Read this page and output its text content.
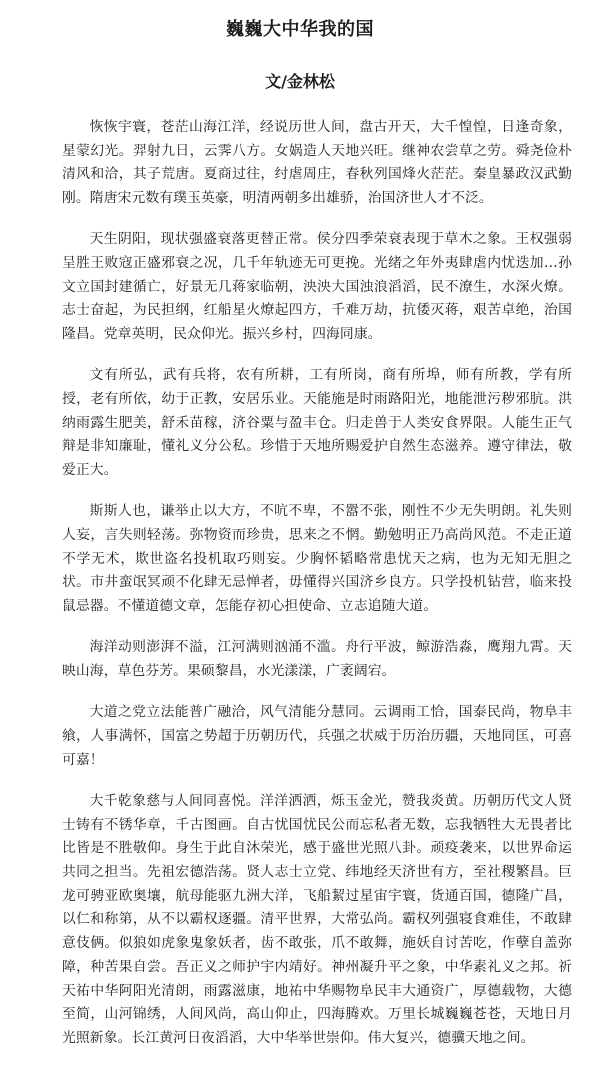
巍巍大中华我的国
文/金林松

恢恢宇寰，苍茫山海江洋，经说历世人间，盘古开天，大千惶惶，日逢奇象，星蒙幻光。羿射九日，云霁八方。女娲造人天地兴旺。继神农尝草之劳。舜尧俭朴清风和洽，其子荒唐。夏商过往，纣虐周庄，春秋列国烽火茫茫。秦皇暴政汉武勤刚。隋唐宋元数有璞玉英豪，明清两朝多出雄骄，治国济世人才不泛。

天生阴阳，现状强盛衰落更替正常。侯分四季荣衰表现于草木之象。王权强弱呈胜王败寇正盛邪衰之况，几千年轨迹无可更挽。光绪之年外夷肆虐内忧迭加…孙文立国封建循亡，好景无几蒋家临朝，泱泱大国浊浪滔滔，民不潦生，水深火燎。志士奋起，为民担纲，红船星火燎起四方，千难万劫，抗倭灭蒋，艰苦卓绝，治国隆昌。党章英明，民众仰光。振兴乡村，四海同康。

文有所弘，武有兵将，农有所耕，工有所岗，商有所埠，师有所教，学有所授，老有所依，幼于正教，安居乐业。天能施是时雨路阳光，地能泄污秽邪肮。洪纳雨露生肥美，舒禾苗稼，济谷粟与盈丰仓。归走兽于人类安食界限。人能生正气辩是非知廉耻，懂礼义分公私。珍惜于天地所赐爱护自然生态滋养。遵守律法，敬爱正大。

斯斯人也，谦举止以大方，不吭不卑，不嚣不张，刚性不少无失明朗。礼失则人妄，言失则轻荡。弥物资而珍贵，思来之不惘。勤勉明正乃高尚风范。不走正道不学无术，欺世盗名投机取巧则妄。少胸怀韬略常患忧天之病，也为无知无胆之状。市井蛮氓冥顽不化肆无忌惮者，毋懂得兴国济乡良方。只学投机钻营，临来投鼠忌器。不懂道德文章，怎能存初心担使命、立志追随大道。

海洋动则澎湃不溢，江河满则汹涌不滥。舟行平波，鲸游浩淼，鹰翔九霄。天映山海，草色芬芳。果硕黎昌，水光漾漾，广袤阔宕。

大道之党立法能普广融洽，风气清能分慧同。云调雨工恰，国泰民尚，物阜丰飨，人事满怀，国富之势超于历朝历代，兵强之状威于历治历疆，天地同匡，可喜可嘉！

大千乾象慈与人间同喜悦。洋洋洒洒，烁玉金光，赞我炎黄。历朝历代文人贤士铸有不锈华章，千古图画。自古忧国忧民公而忘私者无数，忘我牺牲大无畏者比比皆是不胜敬仰。身生于此自沐荣光，感于盛世光照八卦。顽疫袭来，以世界命运共同之担当。先祖宏德浩荡。贤人志士立党、纬地经天济世有方，至社稷繁昌。巨龙可骋亚欧奥壤，航母能驱九洲大洋，飞船絜过星宙宇寰，货通百国，德隆广昌，以仁和称第，从不以霸权逐疆。清平世界，大常弘尚。霸权列强寝食难佳，不敢肆意伎俩。似狼如虎象鬼象妖者，齿不敢张，爪不敢舞，施妖自讨苦吃，作孽自盖弥障，种苦果自尝。吾正义之师护宇内靖好。神州凝升平之象，中华素礼义之邦。祈天祐中华阿阳光清朗，雨露滋康，地祐中华赐物阜民丰大通资广，厚德载物，大德至简，山河锦绣，人间风尚，高山仰止，四海腾欢。万里长城巍巍苍苍，天地日月光照新象。长江黄河日夜滔滔，大中华举世崇仰。伟大复兴，德骥天地之间。
